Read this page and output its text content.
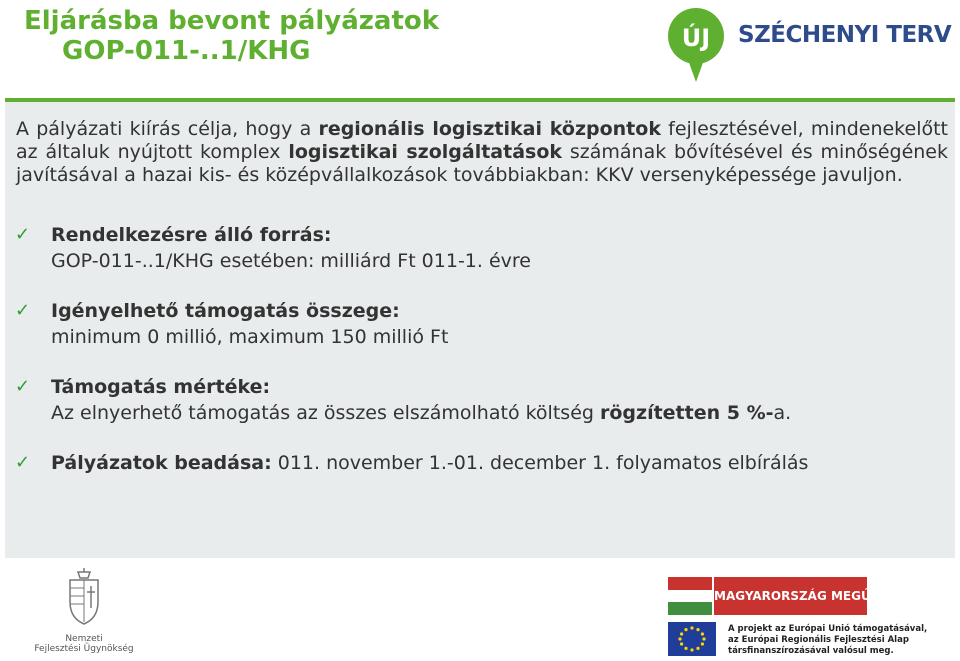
Eljárásba bevont pályázatok
GOP-011-..1/KHG	ÚJ SZÉCHENYI TERV
A pályázati kiírás célja, hogy a regionális logisztikai központok fejlesztésével, mindenekelőtt az általuk nyújtott komplex logisztikai szolgáltatások számának bővítésével és minőségének javításával a hazai kis- és középvállalkozások továbbiakban: KKV versenyképessége javuljon.
✓ Rendelkezésre álló forrás:
GOP-011-..1/KHG esetében: milliárd Ft 011-1. évre
✓ Igényelhető támogatás összege:
minimum 0 millió, maximum 150 millió Ft
✓ Támogatás mértéke:
Az elnyerhető támogatás az összes elszámolható költség rögzítetten 5 %-a.
✓ Pályázatok beadása: 011. november 1.-01. december 1. folyamatos elbírálás
Nemzeti
Fejlesztési Ügynökség
MAGYARORSZÁG MEGÚJUL
A projekt az Európai Unió támogatásával,
az Európai Regionális Fejlesztési Alap
társfinanszírozásával valósul meg.
